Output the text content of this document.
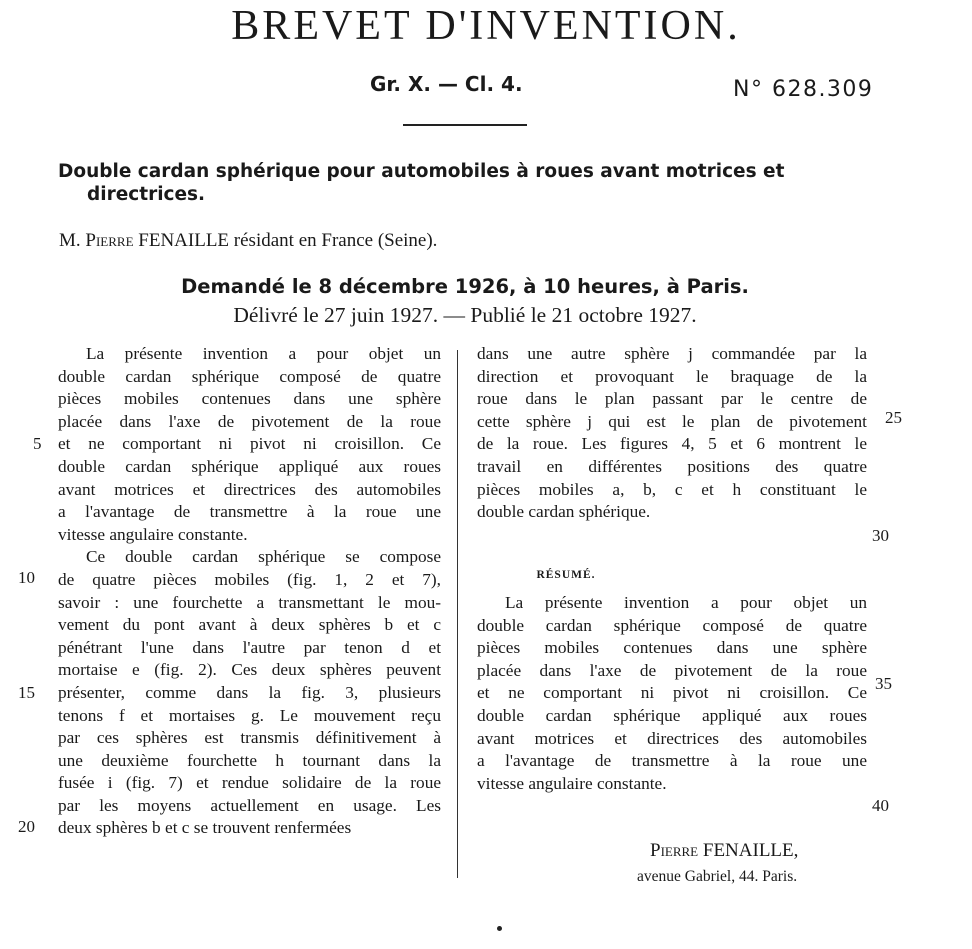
BREVET D'INVENTION.
Gr. X. — Cl. 4.	N° 628.309
Double cardan sphérique pour automobiles à roues avant motrices et
directrices.
M. Pierre FENAILLE résidant en France (Seine).
Demandé le 8 décembre 1926, à 10 heures, à Paris.
Délivré le 27 juin 1927. — Publié le 21 octobre 1927.
La présente invention a pour objet un
double cardan sphérique composé de quatre
pièces mobiles contenues dans une sphère
placée dans l'axe de pivotement de la roue
et ne comportant ni pivot ni croisillon. Ce
double cardan sphérique appliqué aux roues
avant motrices et directrices des automobiles
a l'avantage de transmettre à la roue une
vitesse angulaire constante.
Ce double cardan sphérique se compose
de quatre pièces mobiles (fig. 1, 2 et 7),
savoir : une fourchette a transmettant le mou-
vement du pont avant à deux sphères b et c
pénétrant l'une dans l'autre par tenon d et
mortaise e (fig. 2). Ces deux sphères peuvent
présenter, comme dans la fig. 3, plusieurs
tenons f et mortaises g. Le mouvement reçu
par ces sphères est transmis définitivement à
une deuxième fourchette h tournant dans la
fusée i (fig. 7) et rendue solidaire de la roue
par les moyens actuellement en usage. Les
deux sphères b et c se trouvent renfermées
dans une autre sphère j commandée par la
direction et provoquant le braquage de la
roue dans le plan passant par le centre de
cette sphère j qui est le plan de pivotement
de la roue. Les figures 4, 5 et 6 montrent le
travail en différentes positions des quatre
pièces mobiles a, b, c et h constituant le
double cardan sphérique.
RÉSUMÉ.
La présente invention a pour objet un
double cardan sphérique composé de quatre
pièces mobiles contenues dans une sphère
placée dans l'axe de pivotement de la roue
et ne comportant ni pivot ni croisillon. Ce
double cardan sphérique appliqué aux roues
avant motrices et directrices des automobiles
a l'avantage de transmettre à la roue une
vitesse angulaire constante.
5
10
15
20
25
30
35
40
Pierre FENAILLE,
avenue Gabriel, 44. Paris.
